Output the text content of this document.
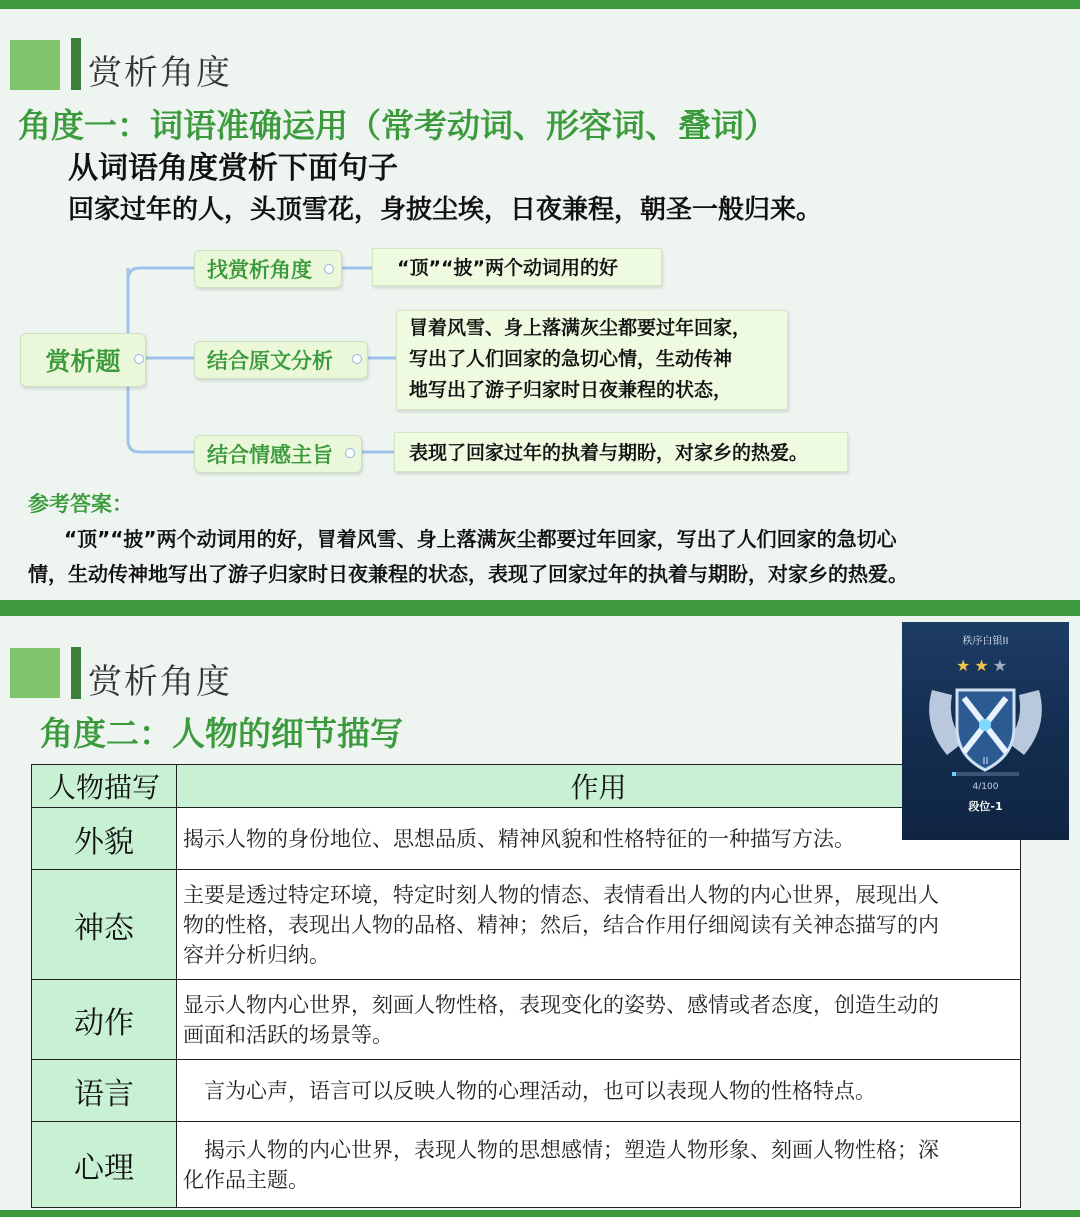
赏析角度
角度一：词语准确运用（常考动词、形容词、叠词）
从词语角度赏析下面句子
回家过年的人，头顶雪花，身披尘埃，日夜兼程，朝圣一般归来。
赏析题
找赏析角度	“顶”“披”两个动词用的好
结合原文分析
冒着风雪、身上落满灰尘都要过年回家，
写出了人们回家的急切心情，生动传神
地写出了游子归家时日夜兼程的状态，
结合情感主旨	表现了回家过年的执着与期盼，对家乡的热爱。
参考答案：
“顶”“披”两个动词用的好，冒着风雪、身上落满灰尘都要过年回家，写出了人们回家的急切心
情，生动传神地写出了游子归家时日夜兼程的状态，表现了回家过年的执着与期盼，对家乡的热爱。
赏析角度
角度二：人物的细节描写
人物描写	作用
外貌	揭示人物的身份地位、思想品质、精神风貌和性格特征的一种描写方法。

神态	主要是透过特定环境，特定时刻人物的情态、表情看出人物的内心世界，展现出人
物的性格，表现出人物的品格、精神；然后，结合作用仔细阅读有关神态描写的内
容并分析归纳。

动作	显示人物内心世界，刻画人物性格，表现变化的姿势、感情或者态度，创造生动的
画面和活跃的场景等。

语言	　言为心声，语言可以反映人物的心理活动，也可以表现人物的性格特点。

心理	　揭示人物的内心世界，表现人物的思想感情；塑造人物形象、刻画人物性格；深
化作品主题。
秩序白银II
★★★
II
4/100
段位-1
